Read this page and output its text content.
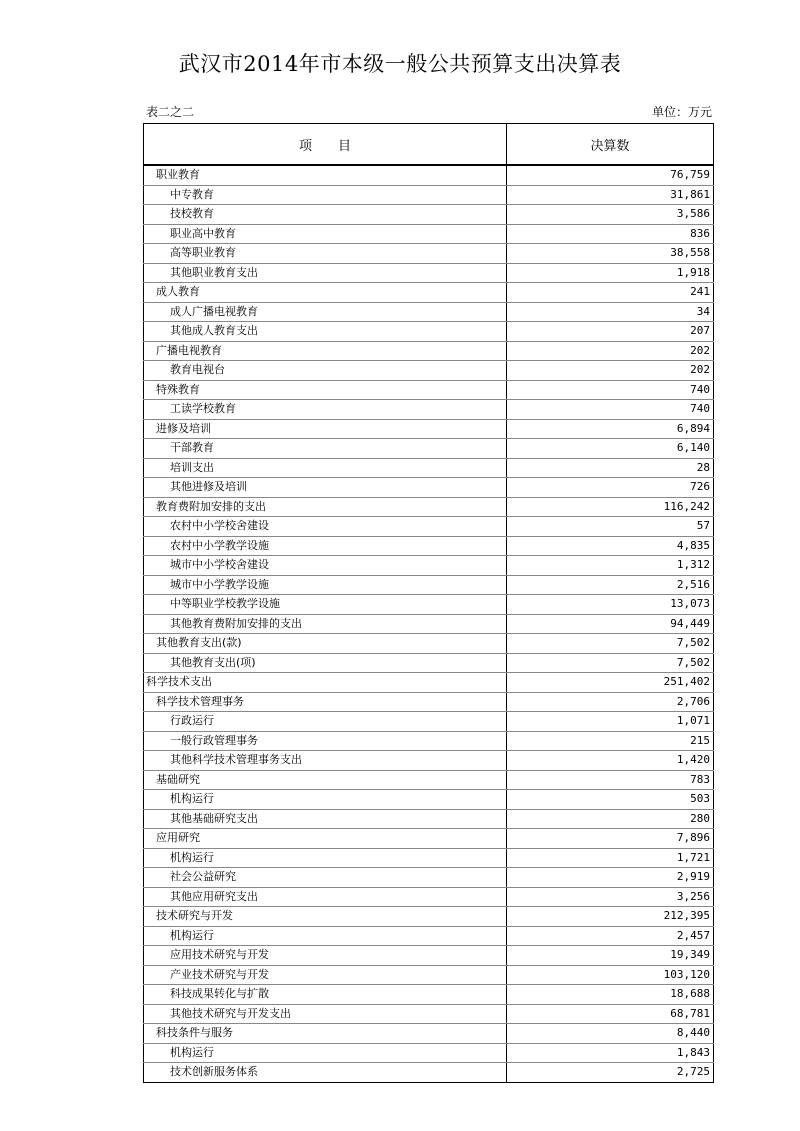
武汉市2014年市本级一般公共预算支出决算表
表二之二	单位：万元
项　　目	决算数
职业教育	76,759
中专教育	31,861
技校教育	3,586
职业高中教育	836
高等职业教育	38,558
其他职业教育支出	1,918
成人教育	241
成人广播电视教育	34
其他成人教育支出	207
广播电视教育	202
教育电视台	202
特殊教育	740
工读学校教育	740
进修及培训	6,894
干部教育	6,140
培训支出	28
其他进修及培训	726
教育费附加安排的支出	116,242
农村中小学校舍建设	57
农村中小学教学设施	4,835
城市中小学校舍建设	1,312
城市中小学教学设施	2,516
中等职业学校教学设施	13,073
其他教育费附加安排的支出	94,449
其他教育支出(款)	7,502
其他教育支出(项)	7,502
科学技术支出	251,402
科学技术管理事务	2,706
行政运行	1,071
一般行政管理事务	215
其他科学技术管理事务支出	1,420
基础研究	783
机构运行	503
其他基础研究支出	280
应用研究	7,896
机构运行	1,721
社会公益研究	2,919
其他应用研究支出	3,256
技术研究与开发	212,395
机构运行	2,457
应用技术研究与开发	19,349
产业技术研究与开发	103,120
科技成果转化与扩散	18,688
其他技术研究与开发支出	68,781
科技条件与服务	8,440
机构运行	1,843
技术创新服务体系	2,725
